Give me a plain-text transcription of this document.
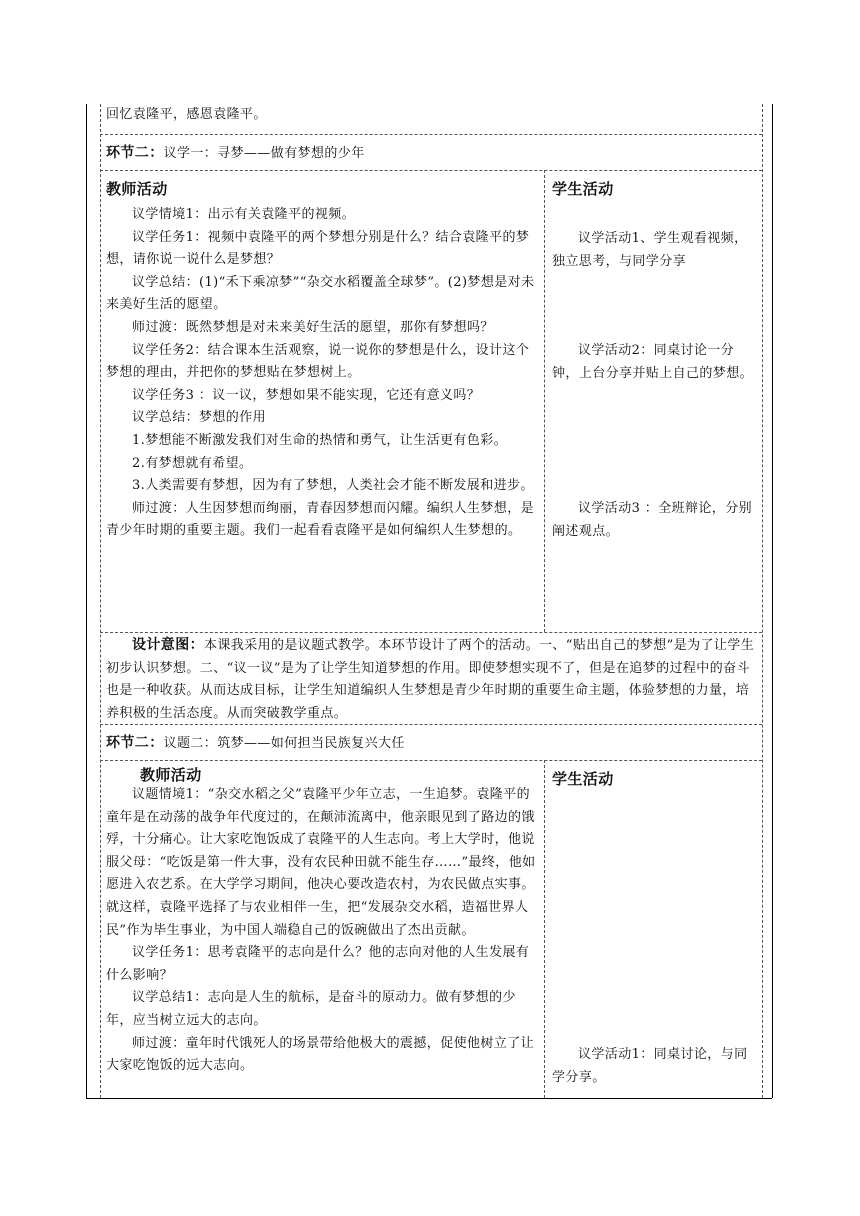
回忆袁隆平，感恩袁隆平。
环节二：议学一：寻梦——做有梦想的少年
教师活动

议学情境1：出示有关袁隆平的视频。

议学任务1：视频中袁隆平的两个梦想分别是什么？结合袁隆平的梦想，请你说一说什么是梦想？

议学总结：(1)“禾下乘凉梦”“杂交水稻覆盖全球梦”。(2)梦想是对未来美好生活的愿望。

师过渡：既然梦想是对未来美好生活的愿望，那你有梦想吗？

议学任务2：结合课本生活观察，说一说你的梦想是什么，设计这个梦想的理由，并把你的梦想贴在梦想树上。

议学任务3 ：议一议，梦想如果不能实现，它还有意义吗？

议学总结：梦想的作用

1.梦想能不断激发我们对生命的热情和勇气，让生活更有色彩。

2.有梦想就有希望。

3.人类需要有梦想，因为有了梦想，人类社会才能不断发展和进步。

师过渡：人生因梦想而绚丽，青春因梦想而闪耀。编织人生梦想，是青少年时期的重要主题。我们一起看看袁隆平是如何编织人生梦想的。

学生活动
议学活动1、学生观看视频，独立思考，与同学分享
议学活动2：同桌讨论一分钟，上台分享并贴上自己的梦想。
议学活动3 ：全班辩论，分别阐述观点。

设计意图：本课我采用的是议题式教学。本环节设计了两个的活动。一、“贴出自己的梦想”是为了让学生初步认识梦想。二、“议一议”是为了让学生知道梦想的作用。即使梦想实现不了，但是在追梦的过程中的奋斗也是一种收获。从而达成目标，让学生知道编织人生梦想是青少年时期的重要生命主题，体验梦想的力量，培养积极的生活态度。从而突破教学重点。

环节二：议题二：筑梦——如何担当民族复兴大任
教师活动

议题情境1：“杂交水稻之父”袁隆平少年立志，一生追梦。袁隆平的童年是在动荡的战争年代度过的，在颠沛流离中，他亲眼见到了路边的饿殍，十分痛心。让大家吃饱饭成了袁隆平的人生志向。考上大学时，他说服父母：“吃饭是第一件大事，没有农民种田就不能生存……”最终，他如愿进入农艺系。在大学学习期间，他决心要改造农村，为农民做点实事。就这样，袁隆平选择了与农业相伴一生，把“发展杂交水稻，造福世界人民”作为毕生事业，为中国人端稳自己的饭碗做出了杰出贡献。

议学任务1：思考袁隆平的志向是什么？他的志向对他的人生发展有什么影响？

议学总结1：志向是人生的航标，是奋斗的原动力。做有梦想的少年，应当树立远大的志向。

师过渡：童年时代饿死人的场景带给他极大的震撼，促使他树立了让大家吃饱饭的远大志向。

学生活动
议学活动1：同桌讨论，与同学分享。
